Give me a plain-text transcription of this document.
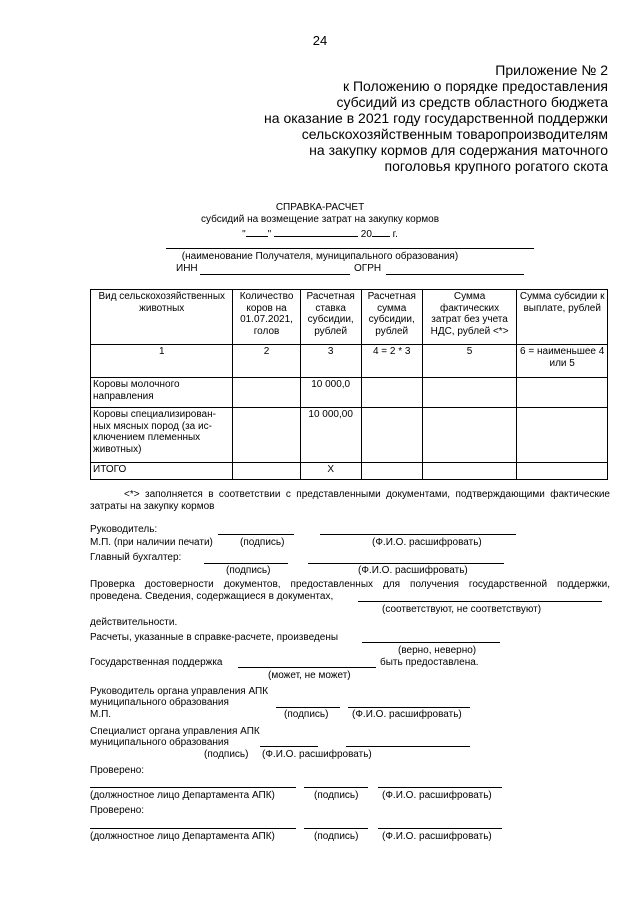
24
Приложение № 2
к Положению о порядке предоставления
субсидий из средств областного бюджета
на оказание в 2021 году государственной поддержки
сельскохозяйственным товаропроизводителям
на закупку кормов для содержания маточного
поголовья крупного рогатого скота
СПРАВКА-РАСЧЕТ
субсидий на возмещение затрат на закупку кормов
" "	20 г.
(наименование Получателя, муниципального образования)
ИНН	ОГРН
Вид сельскохозяйственных животных	Количество коров на 01.07.2021, голов	Расчетная ставка субсидии, рублей	Расчетная сумма субсидии, рублей	Сумма фактических затрат без учета НДС, рублей <*>	Сумма субсидии к выплате, рублей
1	2	3	4 = 2 * 3	5	6 = наименьшее 4 или 5
Коровы молочного направления		10 000,0			
Коровы специализирован-ных мясных пород (за ис-ключением племенных животных)		10 000,00			
ИТОГО		X			
<*> заполняется в соответствии с представленными документами, подтверждающими фактические затраты на закупку кормов
Руководитель:
М.П. (при наличии печати)	(подпись)	(Ф.И.О. расшифровать)
Главный бухгалтер:
(подпись)	(Ф.И.О. расшифровать)
Проверка достоверности документов, предоставленных для получения государственной поддержки, проведена. Сведения, содержащиеся в документах,
(соответствуют, не соответствуют)
действительности.
Расчеты, указанные в справке-расчете, произведены
(верно, неверно)
Государственная поддержка	быть предоставлена.
(может, не может)
Руководитель органа управления АПК
муниципального образования
М.П.	(подпись) (Ф.И.О. расшифровать)
Специалист органа управления АПК
муниципального образования
(подпись) (Ф.И.О. расшифровать)
Проверено:
(должностное лицо Департамента АПК)	(подпись) (Ф.И.О. расшифровать)
Проверено:
(должностное лицо Департамента АПК)	(подпись) (Ф.И.О. расшифровать)
